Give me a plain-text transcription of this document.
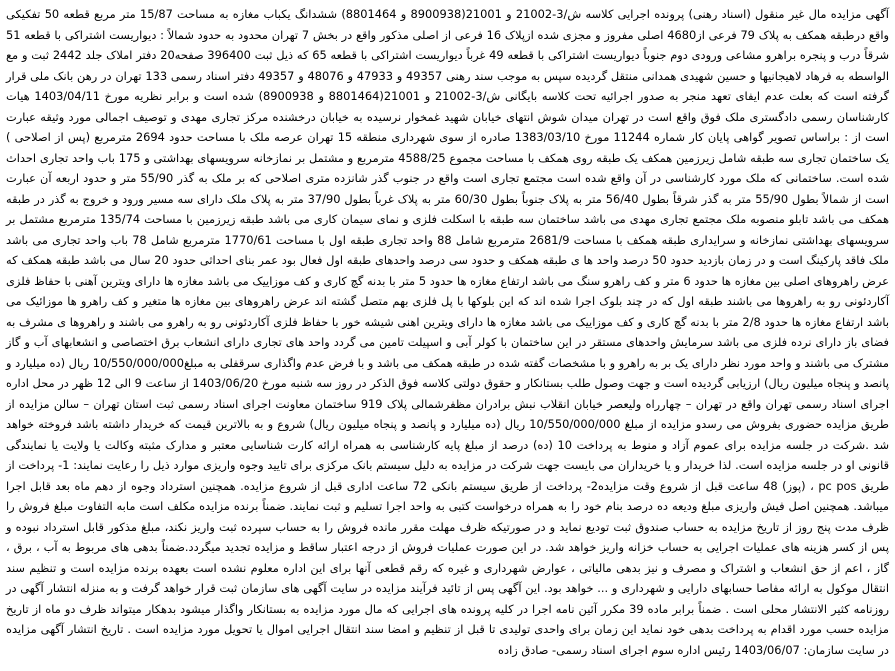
آگهی مزایده مال غیر منقول (اسناد رهنی) پرونده اجرایی کلاسه ش/3-21002 و 21001(8900938 و 8801464) ششدانگ یکباب مغازه به مساحت 15/87 متر مربع قطعه 50 تفکیکی واقع درطبقه همکف به پلاک 79 فرعی از4680 اصلی مفروز و مجزی شده ازپلاک 16 فرعی از اصلی مذکور واقع در بخش 7 تهران محدود به حدود شمالاً : دیواریست اشتراکی با قطعه 51 شرقاً درب و پنجره براهرو مشاعی ورودی دوم جنوباً دیواریست اشتراکی با قطعه 49 غرباً دیواریست اشتراکی با قطعه 65 که ذیل ثبت 396400 صفحه20 دفتر املاک جلد 2442 ثبت و مع الواسطه به فرهاد لاهیجانیها و حسین شهیدی همدانی منتقل گردیده سپس به موجب سند رهنی 49357 و 47933 و 48076 و 49357 دفتر اسناد رسمی 133 تهران در رهن بانک ملی قرار گرفته است که بعلت عدم ایفای تعهد منجر به صدور اجرائیه تحت کلاسه بایگانی ش/3-21002 و 21001(8801464 و 8900938) شده است و برابر نظریه مورخ 1403/04/11 هیات کارشناسان رسمی دادگستری ملک فوق واقع است در تهران میدان شوش انتهای خیابان شهید غمخوار نرسیده به خیابان درخشنده مرکز تجاری مهدی و توصیف اجمالی مورد وثیقه عبارت است از : براساس تصویر گواهی پایان کار شماره 11244 مورخ 1383/03/10 صادره از سوی شهرداری منطقه 15 تهران عرصه ملک با مساحت حدود 2694 مترمربع (پس از اصلاحی ) یک ساختمان تجاری سه طبقه شامل زیرزمین همکف یک طبقه روی همکف با مساحت مجموع 4588/25 مترمربع و مشتمل بر نمازخانه سرویسهای بهداشتی و 175 باب واحد تجاری احداث شده است. ساختمانی که ملک مورد کارشناسی در آن واقع شده است مجتمع تجاری است واقع در جنوب گذر شانزده متری اصلاحی که بر ملک به گذر 55/90 متر و حدود اربعه آن عبارت است از شمالاً بطول 55/90 متر به گذر شرقاً بطول 56/40 متر به پلاک جنوباً بطول 60/30 متر به پلاک غرباً بطول 37/90 متر به پلاک ملک دارای سه مسیر ورود و خروج به گذر در طبقه همکف می باشد تابلو منصوبه ملک مجتمع تجاری مهدی می باشد ساختمان سه طبقه با اسکلت فلزی و نمای سیمان کاری می باشد طبقه زیرزمین با مساحت 135/74 مترمربع مشتمل بر سرویسهای بهداشتی نمازخانه و سرایداری طبقه همکف با مساحت 2681/9 مترمربع شامل 88 واحد تجاری طبقه اول با مساحت 1770/61 مترمربع شامل 78 باب واحد تجاری می باشد ملک فاقد پارکینگ است و در زمان بازدید حدود 50 درصد واحد ها ی طبقه همکف و حدود سی درصد واحدهای طبقه اول فعال بود عمر بنای احداثی حدود 20 سال می باشد طبقه همکف که عرض راهروهای اصلی بین مغازه ها حدود 6 متر و کف راهرو سنگ می باشد ارتفاع مغازه ها حدود 5 متر با بدنه گچ کاری و کف موزاییک می باشد مغازه ها دارای ویترین آهنی با حفاظ فلزی آکاردئونی رو به راهروها می باشند طبقه اول که در چند بلوک اجرا شده اند که این بلوکها با پل فلزی بهم متصل گشته اند عرض راهروهای بین مغازه ها متغیر و کف راهرو ها موزائیک می باشد ارتفاع مغازه ها حدود 2/8 متر با بدنه گچ کاری و کف موزاییک می باشد مغازه ها دارای ویترین اهنی شیشه خور با حفاظ فلزی آکاردئونی رو به راهرو می باشند و راهروها ی مشرف به فضای باز دارای نرده فلزی می باشد سرمایش واحدهای مستقر در این ساختمان با کولر آبی و اسپیلت تامین می گردد واحد های تجاری دارای انشعاب برق اختصاصی و انشعابهای آب و گاز مشترک می باشند و واحد مورد نظر دارای یک بر به راهرو و با مشخصات گفته شده در طبقه همکف می باشد و با فرض عدم واگذاری سرقفلی به مبلغ10/550/000/000 ریال (ده میلیارد و پانصد و پنجاه میلیون ریال) ارزیابی گردیده است و جهت وصول طلب بستانکار و حقوق دولتی کلاسه فوق الذکر در روز سه شنبه مورخ 1403/06/20 از ساعت 9 الی 12 ظهر در محل اداره اجرای اسناد رسمی تهران واقع در تهران – چهارراه ولیعصر خیابان انقلاب نبش برادران مظفرشمالی پلاک 919 ساختمان معاونت اجرای اسناد رسمی ثبت استان تهران – سالن مزایده از طریق مزایده حضوری بفروش می رسدو مزایده از مبلغ 10/550/000/000 ریال (ده میلیارد و پانصد و پنجاه میلیون ریال) شروع و به بالاترین قیمت که خریدار داشته باشد فروخته خواهد شد .شرکت در جلسه مزایده برای عموم آزاد و منوط به پرداخت 10 (ده) درصد از مبلغ پایه کارشناسی به همراه ارائه کارت شناسایی معتبر و مدارک مثبته وکالت یا ولایت یا نمایندگی قانونی او در جلسه مزایده است. لذا خریدار و یا خریداران می بایست جهت شرکت در مزایده به دلیل سیستم بانک مرکزی برای تایید وجوه واریزی موارد ذیل را رعایت نمایند: 1- پرداخت از طریق pc pos ، (پوز) 48 ساعت قبل از شروع وقت مزایده2- پرداخت از طریق سیستم بانکی 72 ساعت اداری قبل از شروع مزایده. همچنین استرداد وجوه از دهم ماه بعد قابل اجرا میباشد. همچنین اصل فیش واریزی مبلغ ودیعه ده درصد بنام خود را به همراه درخواست کتبی به واحد اجرا تسلیم و ثبت نمایند. ضمناً برنده مزایده مکلف است مابه التفاوت مبلغ فروش را ظرف مدت پنج روز از تاریخ مزایده به حساب صندوق ثبت تودیع نماید و در صورتیکه ظرف مهلت مقرر مانده فروش را به حساب سپرده ثبت واریز نکند، مبلغ مذکور قابل استرداد نبوده و پس از کسر هزینه های عملیات اجرایی به حساب خزانه واریز خواهد شد. در این صورت عملیات فروش از درجه اعتبار ساقط و مزایده تجدید میگردد.ضمناً بدهی های مربوط به آب ، برق ، گاز ، اعم از حق انشعاب و اشتراک و مصرف و نیز بدهی مالیاتی ، عوارض شهرداری و غیره که رقم قطعی آنها برای این اداره معلوم نشده است بعهده برنده مزایده است و تنظیم سند انتقال موکول به ارائه مفاصا حسابهای دارایی و شهرداری و ... خواهد بود. این آگهی پس از تائید فرآیند مزایده در سایت آگهی های سازمان ثبت قرار خواهد گرفت و به منزله انتشار آگهی در روزنامه کثیر الانتشار محلی است . ضمناً برابر ماده 39 مکرر آئین نامه اجرا در کلیه پرونده های اجرایی که مال مورد مزایده به بستانکار واگذار میشود بدهکار میتواند ظرف دو ماه از تاریخ مزایده حسب مورد اقدام به پرداخت بدهی خود نماید این زمان برای واحدی تولیدی تا قبل از تنظیم و امضا سند انتقال اجرایی اموال یا تحویل مورد مزایده است . تاریخ انتشار آگهی مزایده در سایت سازمان: 1403/06/07 رئیس اداره سوم اجرای اسناد رسمی- صادق زاده
